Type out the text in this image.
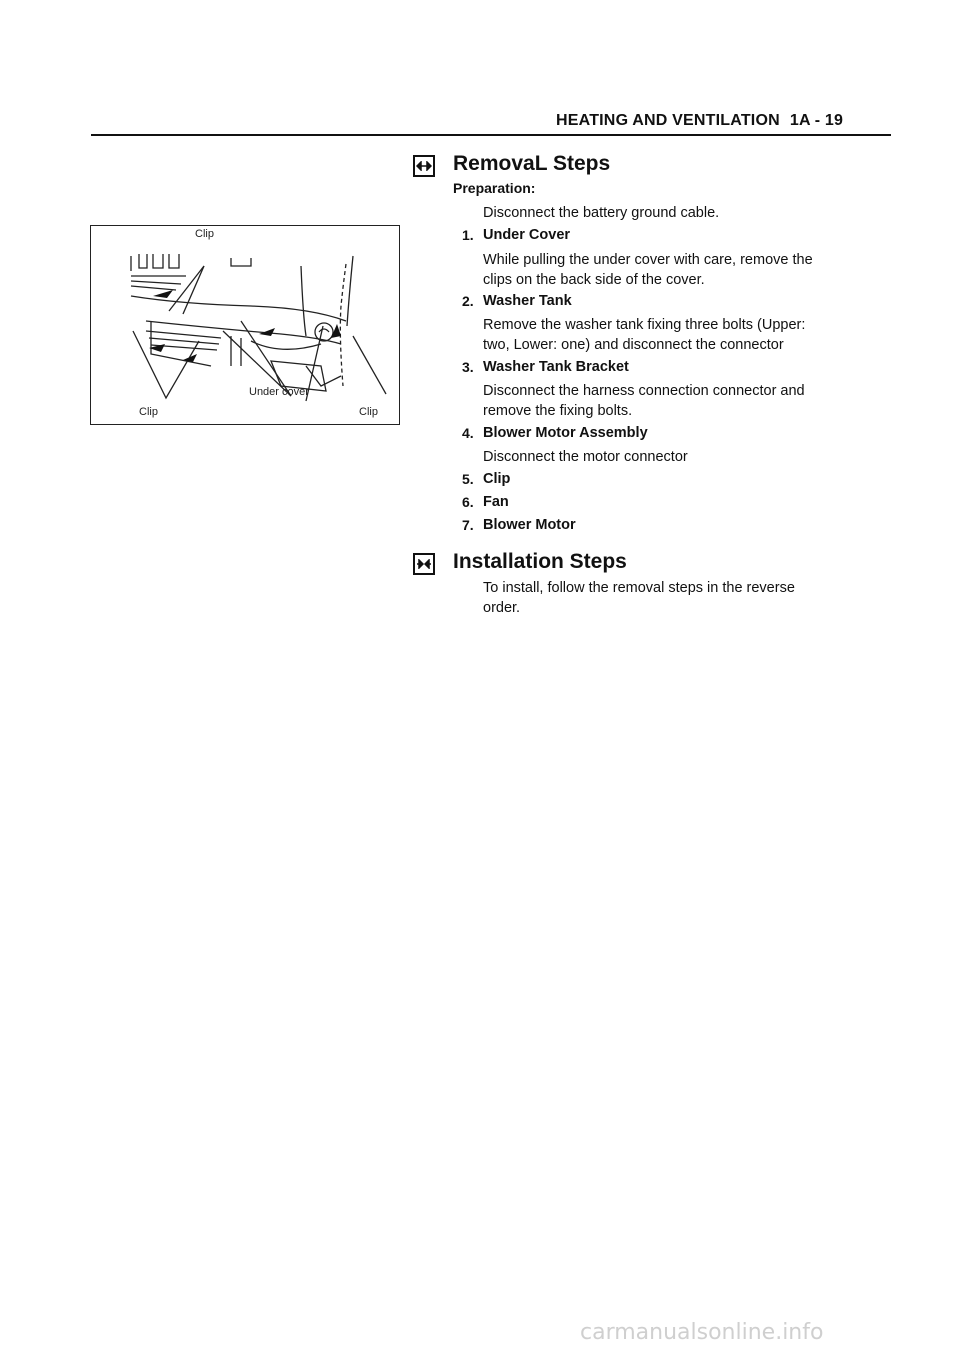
HEATING AND VENTILATION 1A - 19
Clip
Under cover
Clip	Clip
RemovaL Steps
Preparation:
Disconnect the battery ground cable.
1. Under Cover
While pulling the under cover with care, remove the
clips on the back side of the cover.
2. Washer Tank
Remove the washer tank fixing three bolts (Upper:
two, Lower: one) and disconnect the connector
3. Washer Tank Bracket
Disconnect the harness connection connector and
remove the fixing bolts.
4. Blower Motor Assembly
Disconnect the motor connector
5. Clip
6. Fan
7. Blower Motor
Installation Steps
To install, follow the removal steps in the reverse
order.
carmanualsonline.info
